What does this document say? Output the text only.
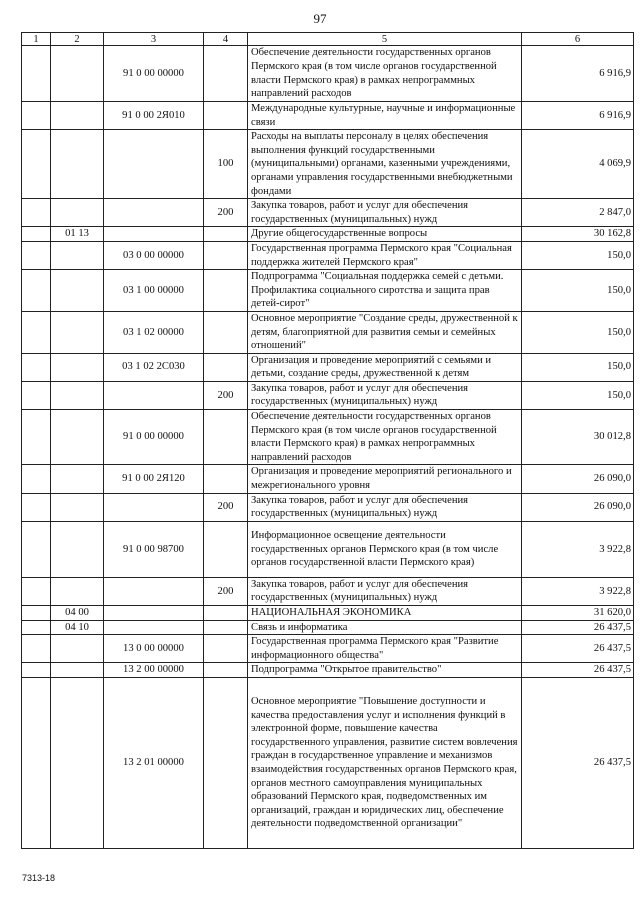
97
1	2	3	4	5	6
		91 0 00 00000		Обеспечение деятельности государственных органов Пермского края (в том числе органов государственной власти Пермского края) в рамках непрограммных направлений расходов	6 916,9
		91 0 00 2Я010		Международные культурные, научные и информационные связи	6 916,9
			100	Расходы на выплаты персоналу в целях обеспечения выполнения функций государственными (муниципальными) органами, казенными учреждениями, органами управления государственными внебюджетными фондами	4 069,9
			200	Закупка товаров, работ и услуг для обеспечения государственных (муниципальных) нужд	2 847,0
	01 13			Другие общегосударственные вопросы	30 162,8
		03 0 00 00000		Государственная программа Пермского края "Социальная поддержка жителей Пермского края"	150,0
		03 1 00 00000		Подпрограмма "Социальная поддержка семей с детьми. Профилактика социального сиротства и защита прав детей-сирот"	150,0
		03 1 02 00000		Основное мероприятие "Создание среды, дружественной к детям, благоприятной для развития семьи и семейных отношений"	150,0
		03 1 02 2C030		Организация и проведение мероприятий с семьями и детьми, создание среды, дружественной к детям	150,0
			200	Закупка товаров, работ и услуг для обеспечения государственных (муниципальных) нужд	150,0
		91 0 00 00000		Обеспечение деятельности государственных органов Пермского края (в том числе органов государственной власти Пермского края) в рамках непрограммных направлений расходов	30 012,8
		91 0 00 2Я120		Организация и проведение мероприятий регионального и межрегионального уровня	26 090,0
			200	Закупка товаров, работ и услуг для обеспечения государственных (муниципальных) нужд	26 090,0
		91 0 00 98700		Информационное освещение деятельности государственных органов Пермского края (в том числе органов государственной власти Пермского края)	3 922,8
			200	Закупка товаров, работ и услуг для обеспечения государственных (муниципальных) нужд	3 922,8
	04 00			НАЦИОНАЛЬНАЯ ЭКОНОМИКА	31 620,0
	04 10			Связь и информатика	26 437,5
		13 0 00 00000		Государственная программа Пермского края "Развитие информационного общества"	26 437,5
		13 2 00 00000		Подпрограмма "Открытое правительство"	26 437,5
		13 2 01 00000		Основное мероприятие "Повышение доступности и качества предоставления услуг и исполнения функций в электронной форме, повышение качества государственного управления, развитие систем вовлечения граждан в государственное управление и механизмов взаимодействия государственных органов Пермского края, органов местного самоуправления муниципальных образований Пермского края, подведомственных им организаций, граждан и юридических лиц, обеспечение деятельности подведомственной организации"	26 437,5
7313-18
